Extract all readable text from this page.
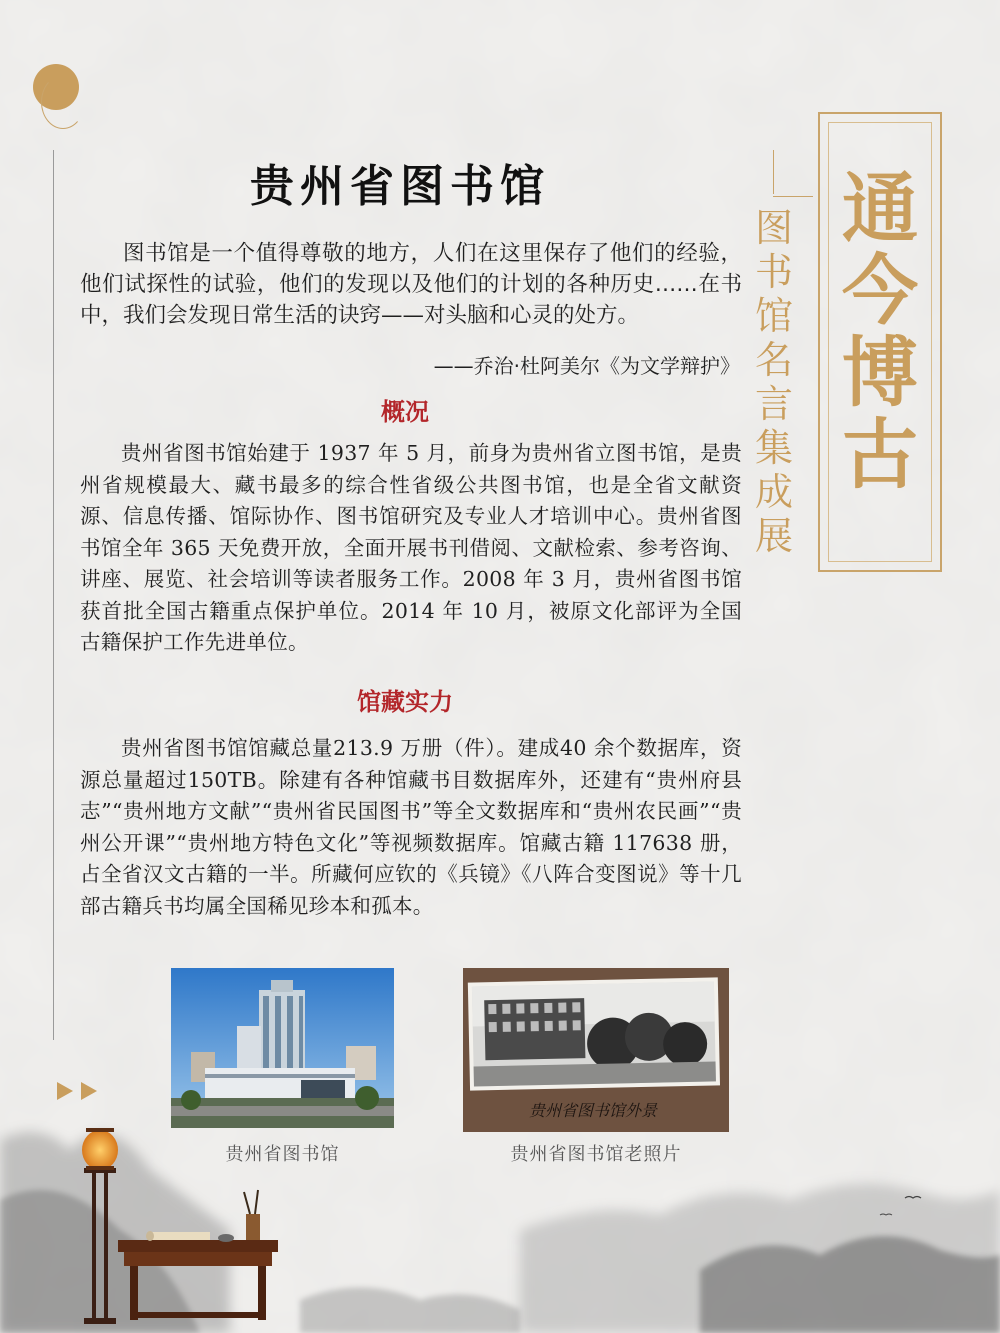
通
今
博
古
图
书
馆
名
言
集
成
展
贵州省图书馆

图书馆是一个值得尊敬的地方，人们在这里保存了他们的经验，他们试探性的试验，他们的发现以及他们的计划的各种历史……在书中，我们会发现日常生活的诀窍——对头脑和心灵的处方。

——乔治·杜阿美尔《为文学辩护》

概况

贵州省图书馆始建于 1937 年 5 月，前身为贵州省立图书馆，是贵州省规模最大、藏书最多的综合性省级公共图书馆，也是全省文献资源、信息传播、馆际协作、图书馆研究及专业人才培训中心。贵州省图书馆全年 365 天免费开放，全面开展书刊借阅、文献检索、参考咨询、讲座、展览、社会培训等读者服务工作。2008 年 3 月，贵州省图书馆获首批全国古籍重点保护单位。2014 年 10 月，被原文化部评为全国古籍保护工作先进单位。

馆藏实力

贵州省图书馆馆藏总量213.9 万册（件）。建成40 余个数据库，资源总量超过150TB。除建有各种馆藏书目数据库外，还建有“贵州府县志”“贵州地方文献”“贵州省民国图书”等全文数据库和“贵州农民画”“贵州公开课”“贵州地方特色文化”等视频数据库。馆藏古籍 117638 册，占全省汉文古籍的一半。所藏何应钦的《兵镜》《八阵合变图说》等十几部古籍兵书均属全国稀见珍本和孤本。

贵州省图书馆外景

贵州省图书馆	贵州省图书馆老照片
